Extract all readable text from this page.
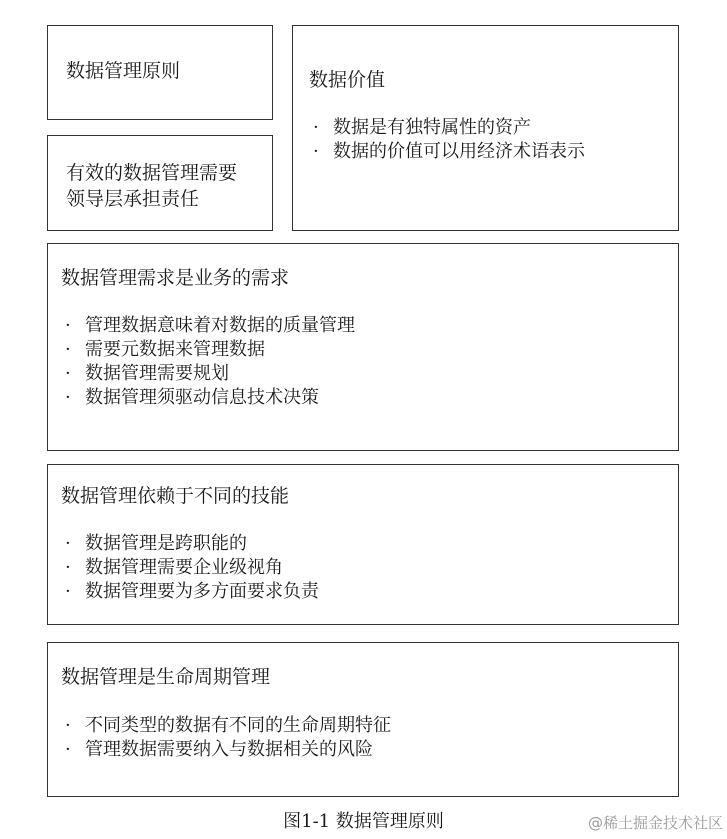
数据管理原则
有效的数据管理需要领导层承担责任
数据价值
· 数据是有独特属性的资产
· 数据的价值可以用经济术语表示
数据管理需求是业务的需求
· 管理数据意味着对数据的质量管理
· 需要元数据来管理数据
· 数据管理需要规划
· 数据管理须驱动信息技术决策
数据管理依赖于不同的技能
· 数据管理是跨职能的
· 数据管理需要企业级视角
· 数据管理要为多方面要求负责
数据管理是生命周期管理
· 不同类型的数据有不同的生命周期特征
· 管理数据需要纳入与数据相关的风险
图1-1 数据管理原则	@稀土掘金技术社区
